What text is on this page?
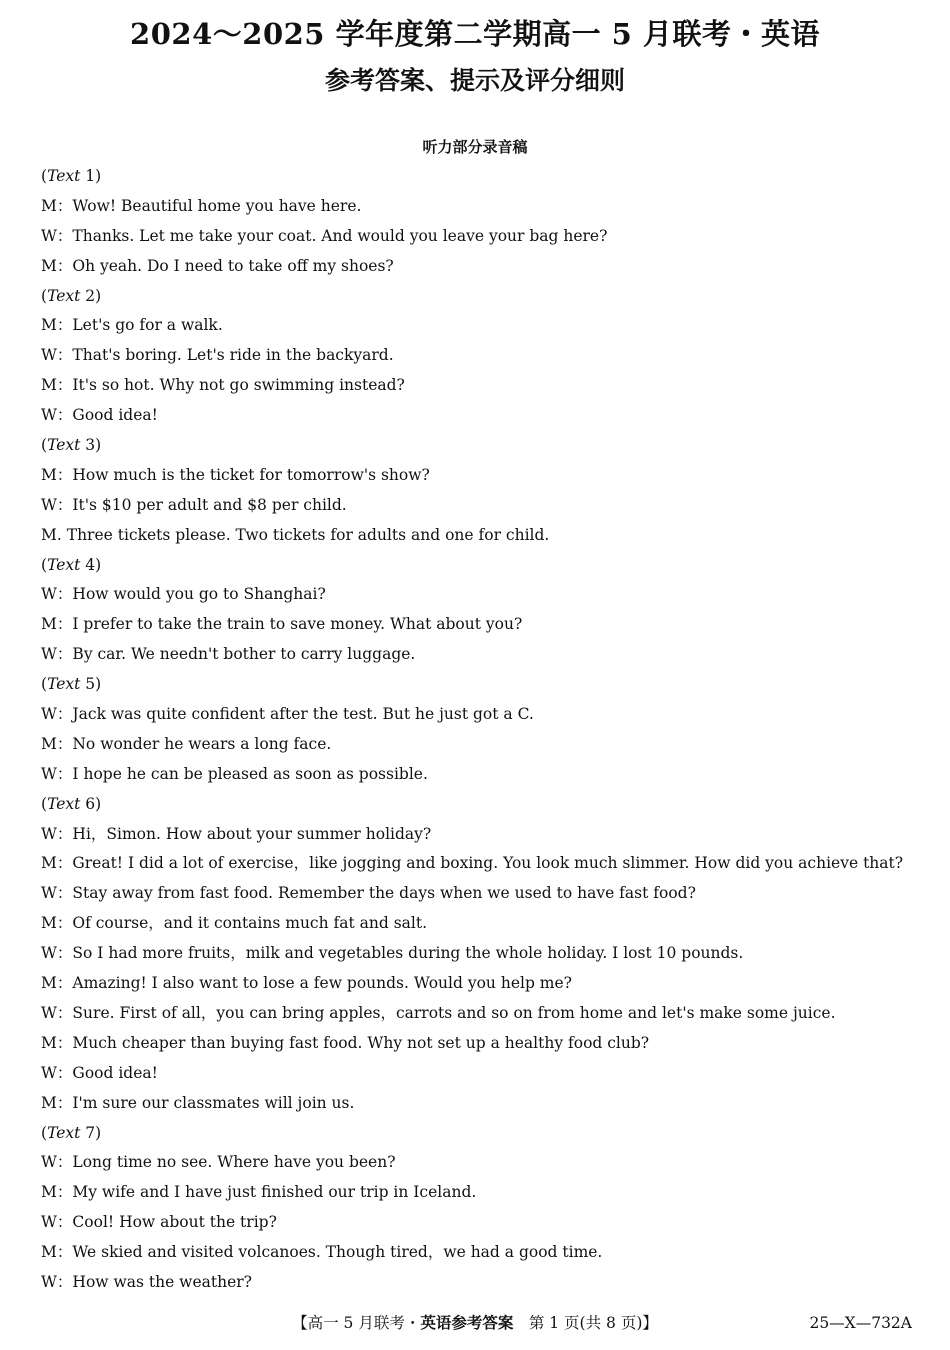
2024～2025 学年度第二学期高一 5 月联考・英语
参考答案、提示及评分细则
听力部分录音稿
(Text 1)
M：Wow! Beautiful home you have here.
W：Thanks. Let me take your coat. And would you leave your bag here?
M：Oh yeah. Do I need to take off my shoes?
(Text 2)
M：Let's go for a walk.
W：That's boring. Let's ride in the backyard.
M：It's so hot. Why not go swimming instead?
W：Good idea!
(Text 3)
M：How much is the ticket for tomorrow's show?
W：It's $10 per adult and $8 per child.
M. Three tickets please. Two tickets for adults and one for child.
(Text 4)
W：How would you go to Shanghai?
M：I prefer to take the train to save money. What about you?
W：By car. We needn't bother to carry luggage.
(Text 5)
W：Jack was quite confident after the test. But he just got a C.
M：No wonder he wears a long face.
W：I hope he can be pleased as soon as possible.
(Text 6)
W：Hi，Simon. How about your summer holiday?
M：Great! I did a lot of exercise，like jogging and boxing. You look much slimmer. How did you achieve that?
W：Stay away from fast food. Remember the days when we used to have fast food?
M：Of course，and it contains much fat and salt.
W：So I had more fruits，milk and vegetables during the whole holiday. I lost 10 pounds.
M：Amazing! I also want to lose a few pounds. Would you help me?
W：Sure. First of all，you can bring apples，carrots and so on from home and let's make some juice.
M：Much cheaper than buying fast food. Why not set up a healthy food club?
W：Good idea!
M：I'm sure our classmates will join us.
(Text 7)
W：Long time no see. Where have you been?
M：My wife and I have just finished our trip in Iceland.
W：Cool! How about the trip?
M：We skied and visited volcanoes. Though tired，we had a good time.
W：How was the weather?
【高一 5 月联考・英语参考答案　第 1 页(共 8 页)】	25—X—732A
